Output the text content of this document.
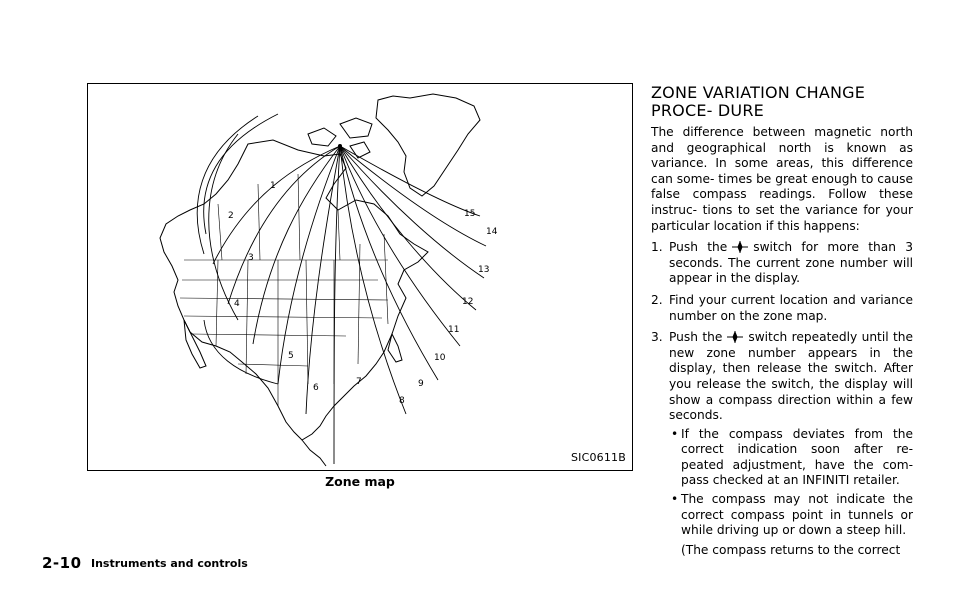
1
2
3
4
5
6
7
8
9
10
11
12
13
14
15
SIC0611B
Zone map
2-10 Instruments and controls
ZONE VARIATION CHANGE PROCE- DURE

The difference between magnetic north and geographical north is known as variance. In some areas, this difference can some- times be great enough to cause false compass readings. Follow these instruc- tions to set the variance for your particular location if this happens:

1. Push the switch for more than 3 seconds. The current zone number will appear in the display.
2. Find your current location and variance number on the zone map.
3. Push the switch repeatedly until the new zone number appears in the display, then release the switch. After you release the switch, the display will show a compass direction within a few seconds.
• If the compass deviates from the correct indication soon after re- peated adjustment, have the com- pass checked at an INFINITI retailer.
• The compass may not indicate the correct compass point in tunnels or while driving up or down a steep hill.
(The compass returns to the correct
